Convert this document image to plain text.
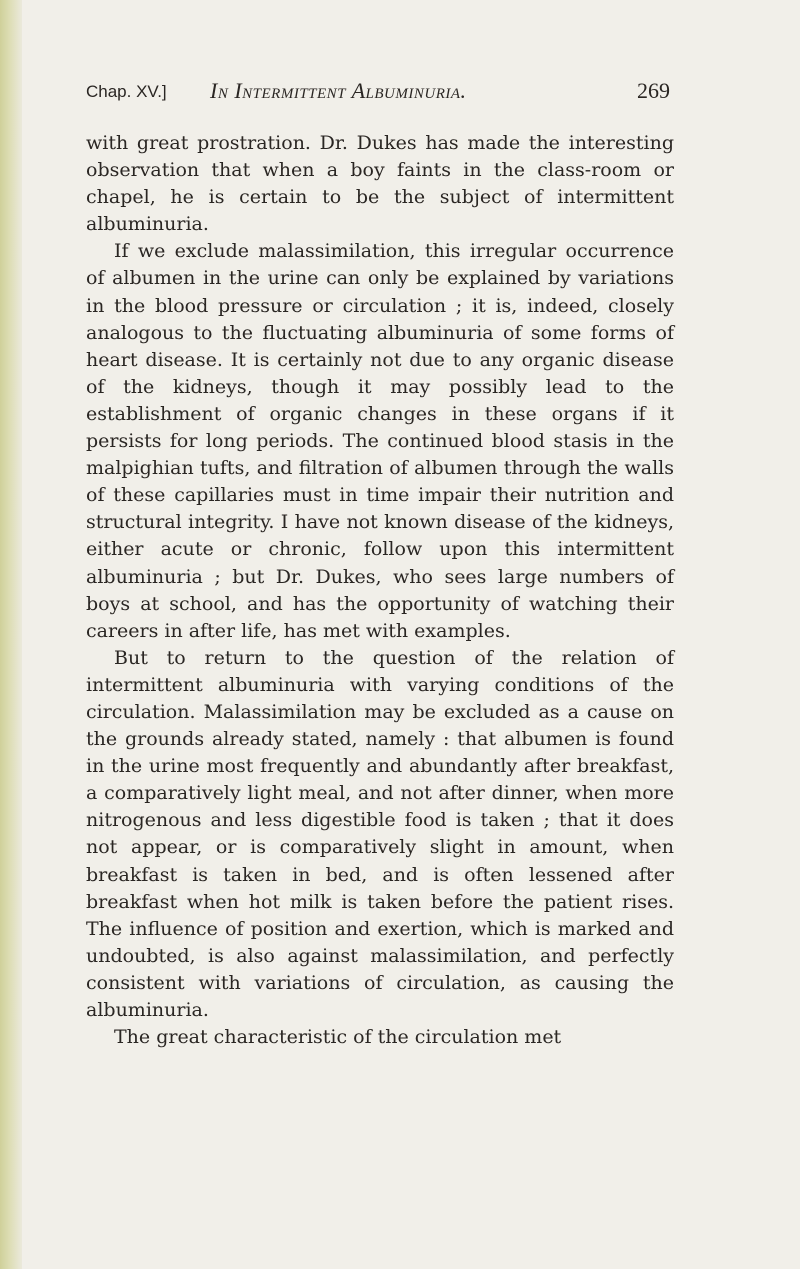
Chap. XV.] In Intermittent Albuminuria.	269

with great prostration. Dr. Dukes has made the interesting observation that when a boy faints in the class-room or chapel, he is certain to be the subject of intermittent albuminuria.

If we exclude malassimilation, this irregular occurrence of albumen in the urine can only be explained by variations in the blood pressure or circulation ; it is, indeed, closely analogous to the fluctuating albuminuria of some forms of heart disease. It is certainly not due to any organic disease of the kidneys, though it may possibly lead to the establishment of organic changes in these organs if it persists for long periods. The continued blood stasis in the malpighian tufts, and filtration of albumen through the walls of these capillaries must in time impair their nutrition and structural integrity. I have not known disease of the kidneys, either acute or chronic, follow upon this intermittent albuminuria ; but Dr. Dukes, who sees large numbers of boys at school, and has the opportunity of watching their careers in after life, has met with examples.

But to return to the question of the relation of intermittent albuminuria with varying conditions of the circulation. Malassimilation may be excluded as a cause on the grounds already stated, namely : that albumen is found in the urine most frequently and abundantly after breakfast, a comparatively light meal, and not after dinner, when more nitrogenous and less digestible food is taken ; that it does not appear, or is comparatively slight in amount, when breakfast is taken in bed, and is often lessened after breakfast when hot milk is taken before the patient rises. The influence of position and exertion, which is marked and undoubted, is also against malassimilation, and perfectly consistent with variations of circulation, as causing the albuminuria.

The great characteristic of the circulation met
